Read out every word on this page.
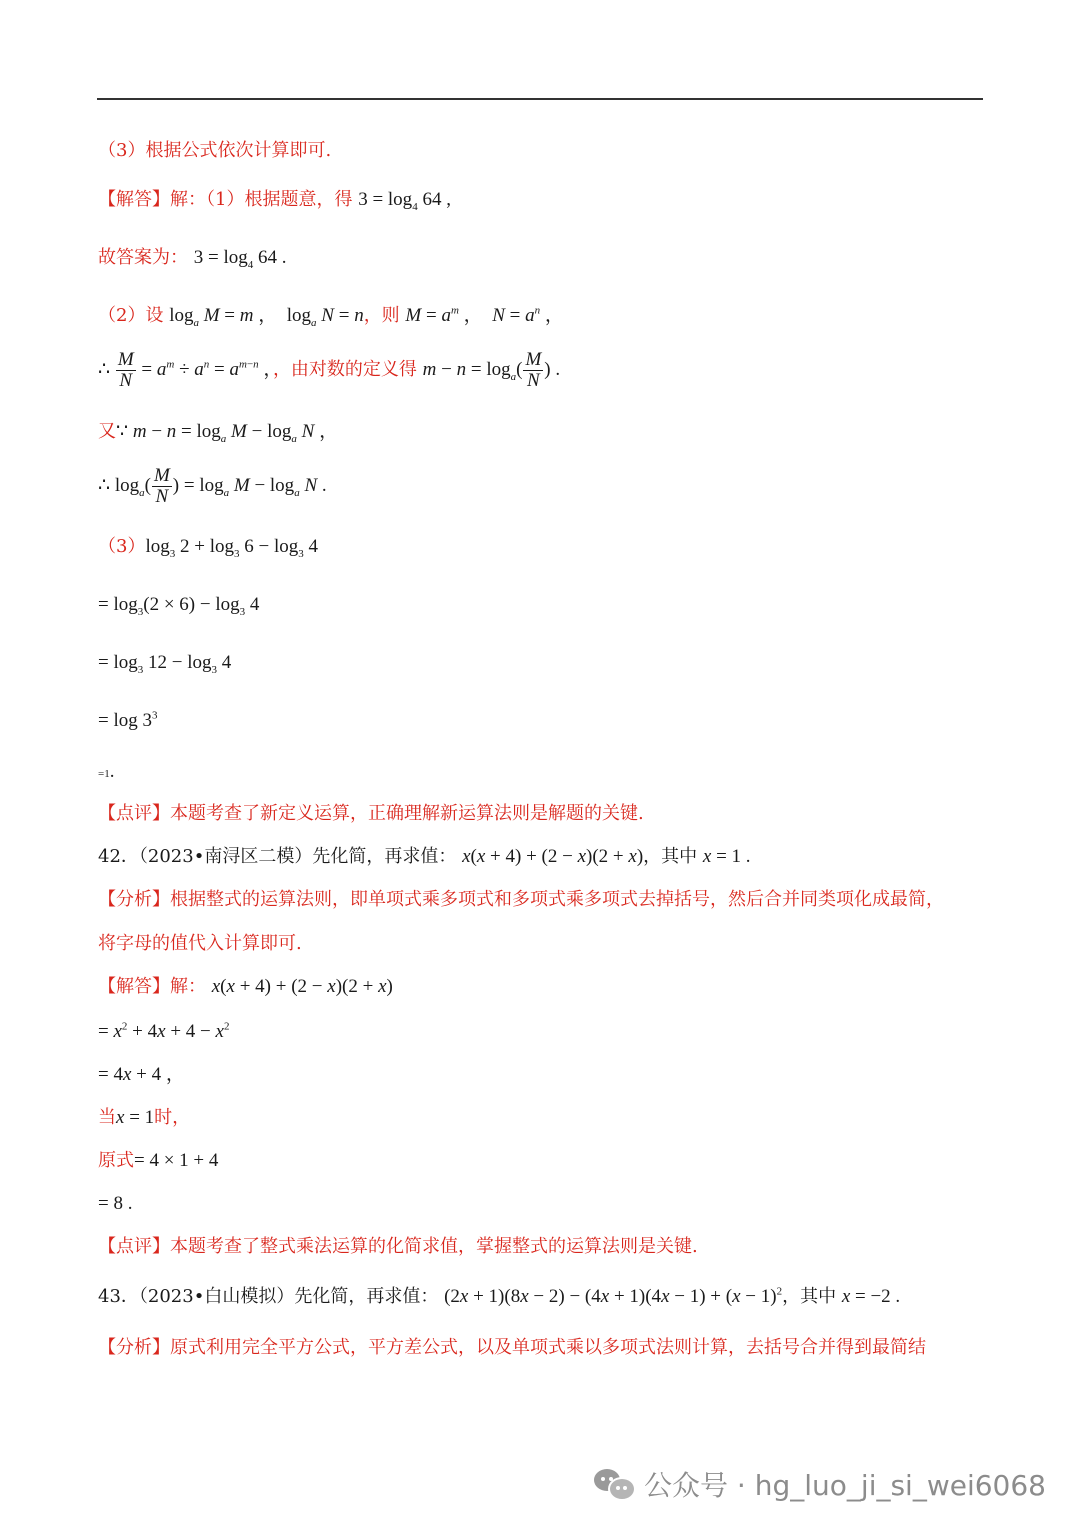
（3）根据公式依次计算即可.
【解答】解：（1）根据题意，得 $3 = \log_4 64$ ,
故答案为： $3 = \log_4 64$ .
（2）设 $\log_a M = m$ ，  $\log_a N = n$，则 $M = a^m$ ，  $N = a^n$ ，
∴ $\frac{M}{N} = a^m \div a^n = a^{m-n}$ ，，由对数的定义得 $m - n = \log_a( \frac{M}{N}$ ) .
又∵ $m - n = \log_a M - \log_a N$ ，
∴ $\log_a( \frac{M}{N}$ ) = $\log_a M - \log_a N$ .
$(3)\log_3$ $2 + \log_3 6 - \log_3 4$
= $\log_3(2 \times 6) - \log_3 4$
= $\log_3 12 - \log_3 4$
= $\log 3^3$
=1.
【点评】本题考查了新定义运算，正确理解新运算法则是解题的关键.
42．（2023•南浔区二模）先化简，再求值： x(x + 4) + (2 − x)(2 + x)，其中 x = 1 .
【分析】根据整式的运算法则，即单项式乘多项式和多项式乘多项式去掉括号，然后合并同类项化成最简，
将字母的值代入计算即可.
【解答】解： x(x + 4) + (2 − x)(2 + x)
= $x^2 + 4x + 4 - x^2$
= 4x + 4 ，
当x = 1时，
原式= 4 × 1 + 4
= 8 .
【点评】本题考查了整式乘法运算的化简求值，掌握整式的运算法则是关键.
43．（2023•白山模拟）先化简，再求值： $(2x + 1)(8x - 2) - (4x + 1)(4x - 1) + (x - 1)^2$，其中 x = −2 .
【分析】原式利用完全平方公式，平方差公式，以及单项式乘以多项式法则计算，去括号合并得到最简结
公众号 · hg_luo_ji_si_wei6068
